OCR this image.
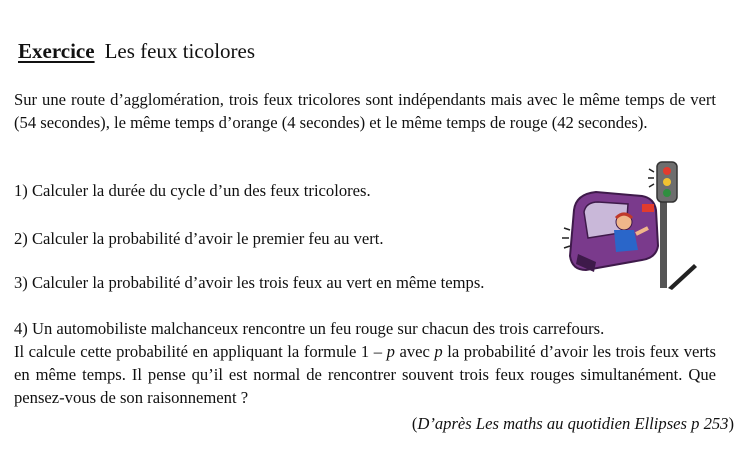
Exercice Les feux ticolores
Sur une route d’agglomération, trois feux tricolores sont indépendants mais avec le même temps de vert (54 secondes), le même temps d’orange (4 secondes) et le même temps de rouge (42 secondes).
1) Calculer la durée du cycle d’un des feux tricolores.
2) Calculer la probabilité d’avoir le premier feu au vert.
3) Calculer la probabilité d’avoir les trois feux au vert en même temps.

4) Un automobiliste malchanceux rencontre un feu rouge sur chacun des trois carrefours.

Il calcule cette probabilité en appliquant la formule 1 – p avec p la probabilité d’avoir les trois feux verts en même temps. Il pense qu’il est normal de rencontrer souvent trois feux rouges simultanément. Que pensez-vous de son raisonnement ?

(D’après Les maths au quotidien Ellipses p 253)
